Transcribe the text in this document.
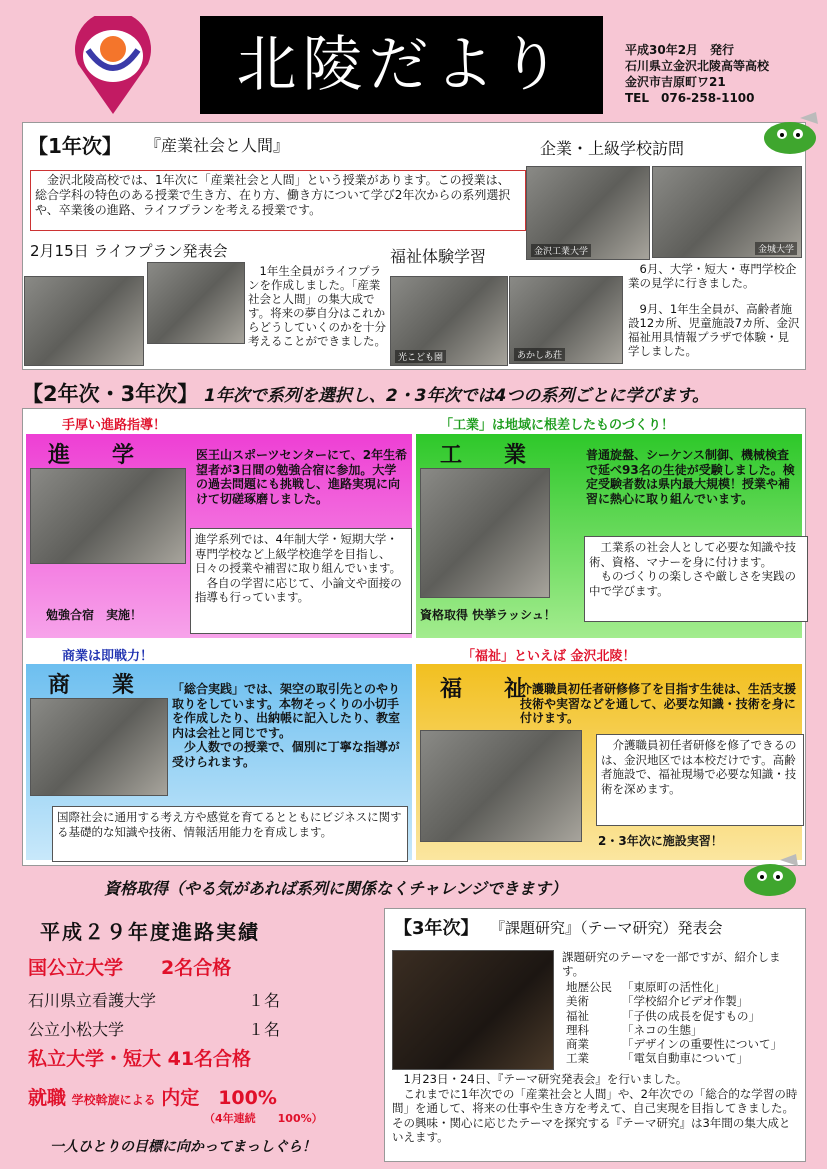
北陵だより	平成30年2月　発行
石川県立金沢北陵高等高校
金沢市吉原町ワ21
TEL　076-258-1100
【1年次】 『産業社会と人間』	企業・上級学校訪問
　金沢北陵高校では、1年次に「産業社会と人間」という授業があります。この授業は、総合学科の特色のある授業で生き方、在り方、働き方について学び2年次からの系列選択や、卒業後の進路、ライフプランを考える授業です。
2月15日 ライフプラン発表会
　1年生全員がライフプランを作成しました。「産業社会と人間」の集大成です。将来の夢自分はこれからどうしていくのかを十分考えることができました。
福祉体験学習
光こども園	あかしあ荘
金沢工業大学	金城大学
　6月、大学・短大・専門学校企業の見学に行きました。
　9月、1年生全員が、高齢者施設12カ所、児童施設7カ所、金沢福祉用具情報プラザで体験・見学しました。
【2年次・3年次】 1年次で系列を選択し、2・3年次では4つの系列ごとに学びます。
手厚い進路指導！
進　学	医王山スポーツセンターにて、2年生希望者が3日間の勉強合宿に参加。大学の過去問題にも挑戦し、進路実現に向けて切磋琢磨しました。
進学系列では、4年制大学・短期大学・専門学校など上級学校進学を目指し、日々の授業や補習に取り組んでいます。
　各自の学習に応じて、小論文や面接の指導も行っています。
勉強合宿　実施！
「工業」は地域に根差したものづくり！
工　業	普通旋盤、シーケンス制御、機械検査で延べ93名の生徒が受験しました。検定受験者数は県内最大規模！授業や補習に熱心に取り組んでいます。
　工業系の社会人として必要な知識や技術、資格、マナーを身に付けます。
　ものづくりの楽しさや厳しさを実践の中で学びます。
資格取得 快挙ラッシュ！
商業は即戦力！
商　業 「総合実践」では、架空の取引先とのやり取りをしています。本物そっくりの小切手を作成したり、出納帳に記入したり、教室内は会社と同じです。
　少人数での授業で、個別に丁寧な指導が受けられます。
国際社会に通用する考え方や感覚を育てるとともにビジネスに関する基礎的な知識や技術、情報活用能力を育成します。
「福祉」といえば 金沢北陵！
福　祉
介護職員初任者研修修了を目指す生徒は、生活支援技術や実習などを通して、必要な知識・技術を身に付けます。
　介護職員初任者研修を修了できるのは、金沢地区では本校だけです。高齢者施設で、福祉現場で必要な知識・技術を深めます。
2・3年次に施設実習！
資格取得（やる気があれば系列に関係なくチャレンジできます）
平成２９年度進路実績
国公立大学　　2名合格
石川県立看護大学	１名
公立小松大学	１名
私立大学・短大 41名合格
就職 学校斡旋による 内定　100%
（4年連続　　100%）
一人ひとりの目標に向かってまっしぐら！
【3年次】 『課題研究』（テーマ研究）発表会
課題研究のテーマを一部ですが、紹介します。
地歴公民 「東原町の活性化」
美術	「学校紹介ビデオ作製」
福祉	「子供の成長を促すもの」
理科	「ネコの生態」
商業	「デザインの重要性について」
工業	「電気自動車について」
　1月23日・24日、『テーマ研究発表会』を行いました。
　これまでに1年次での「産業社会と人間」や、2年次での「総合的な学習の時間」を通して、将来の仕事や生き方を考えて、自己実現を目指してきました。その興味・関心に応じたテーマを探究する『テーマ研究』は3年間の集大成といえます。
